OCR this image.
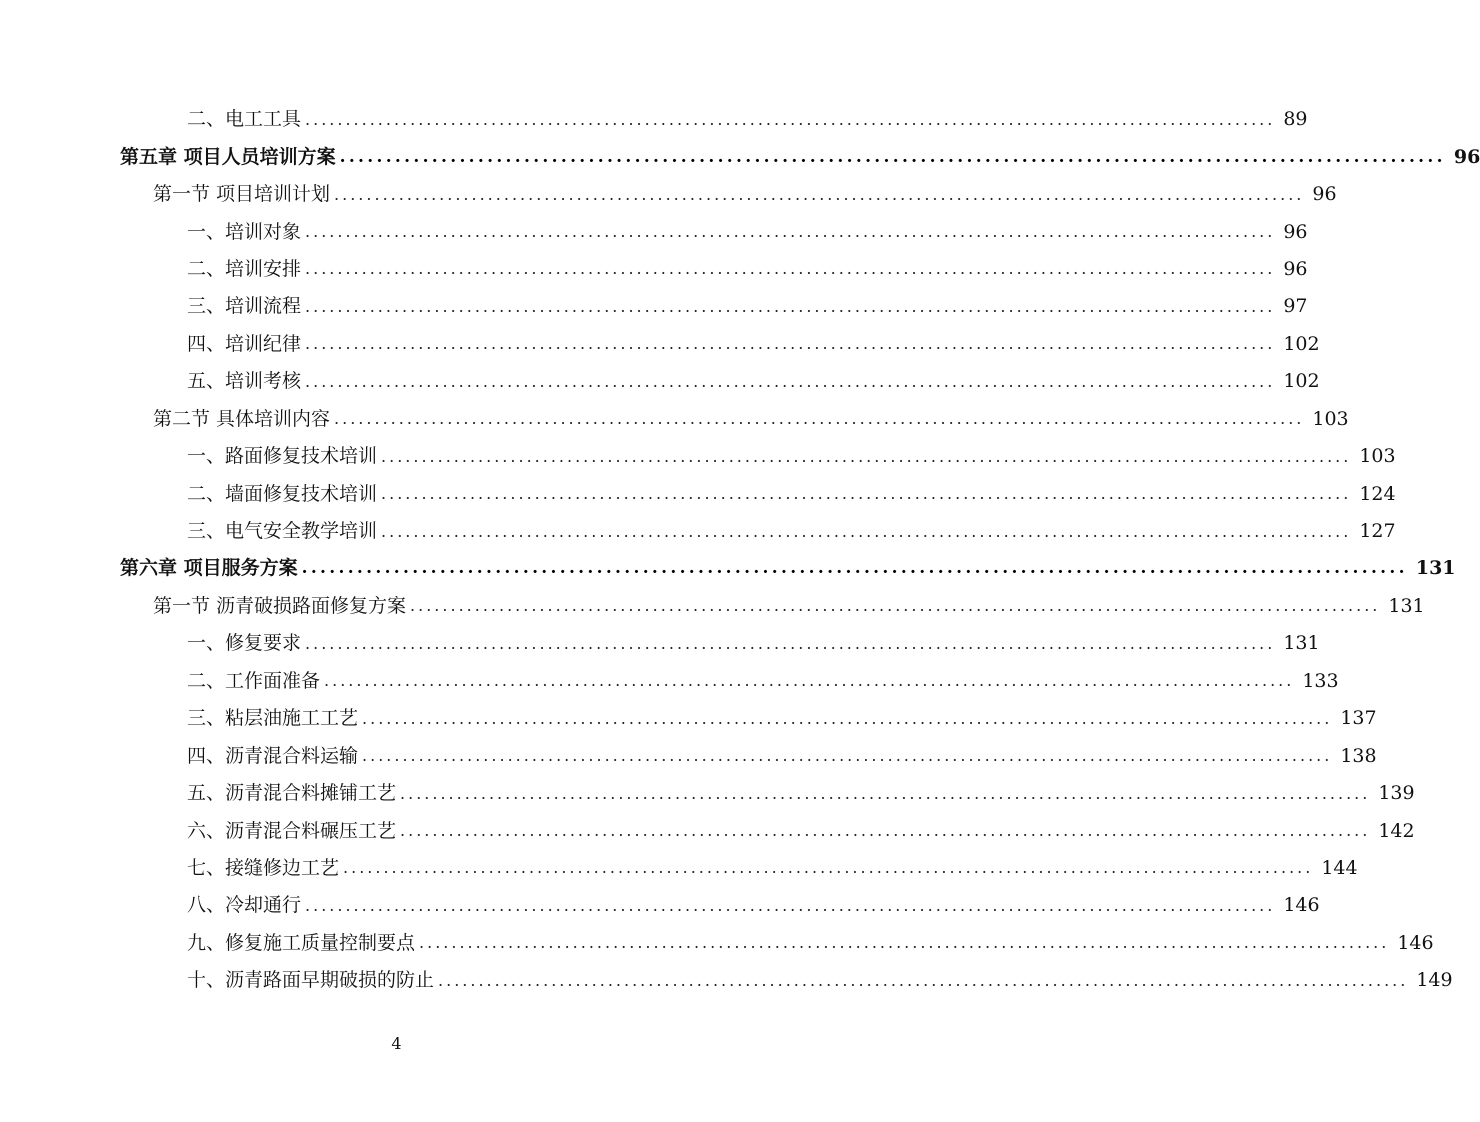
二、电工工具 ........................................................................................................................ 89
第五章 项目人员培训方案 ........................................................................................................................ 96
第一节 项目培训计划 ........................................................................................................................ 96
一、培训对象 ........................................................................................................................ 96
二、培训安排 ........................................................................................................................ 96
三、培训流程 ........................................................................................................................ 97
四、培训纪律 ........................................................................................................................ 102
五、培训考核 ........................................................................................................................ 102
第二节 具体培训内容 ........................................................................................................................ 103
一、路面修复技术培训 ........................................................................................................................ 103
二、墙面修复技术培训 ........................................................................................................................ 124
三、电气安全教学培训 ........................................................................................................................ 127
第六章 项目服务方案 ........................................................................................................................ 131
第一节 沥青破损路面修复方案 ........................................................................................................................ 131
一、修复要求 ........................................................................................................................ 131
二、工作面准备 ........................................................................................................................ 133
三、粘层油施工工艺 ........................................................................................................................ 137
四、沥青混合料运输 ........................................................................................................................ 138
五、沥青混合料摊铺工艺 ........................................................................................................................ 139
六、沥青混合料碾压工艺 ........................................................................................................................ 142
七、接缝修边工艺 ........................................................................................................................ 144
八、冷却通行 ........................................................................................................................ 146
九、修复施工质量控制要点 ........................................................................................................................ 146
十、沥青路面早期破损的防止 ........................................................................................................................ 149
4
